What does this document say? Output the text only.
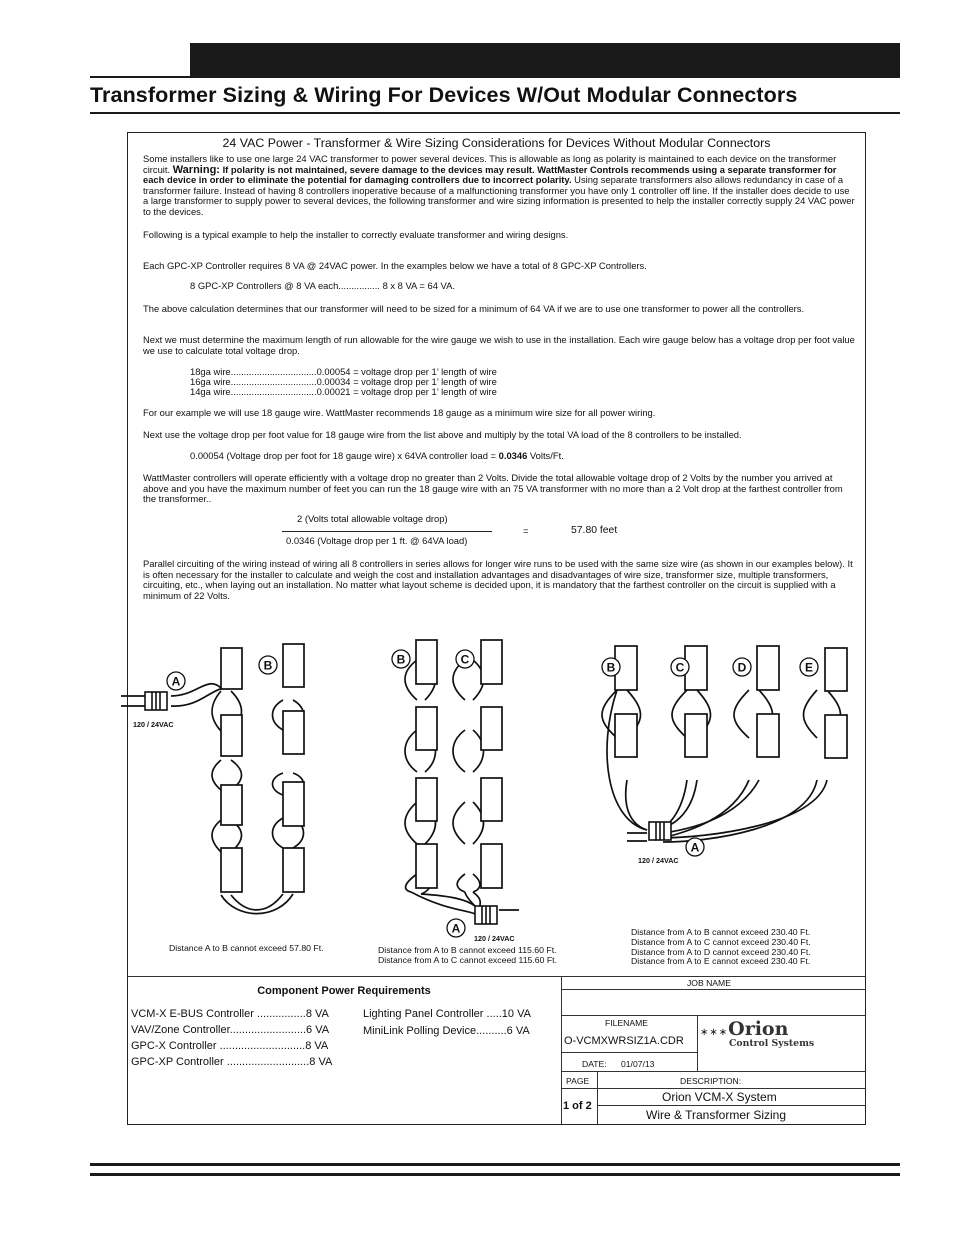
Transformer Sizing & Wiring For Devices W/Out Modular Connectors
24 VAC Power - Transformer & Wire Sizing Considerations for Devices Without Modular Connectors
Some installers like to use one large 24 VAC transformer to power several devices. This is allowable as long as polarity is maintained to each device on the transformer circuit. Warning: If polarity is not maintained, severe damage to the devices may result. WattMaster Controls recommends using a separate transformer for each device in order to eliminate the potential for damaging controllers due to incorrect polarity. Using separate transformers also allows redundancy in case of a transformer failure. Instead of having 8 controllers inoperative because of a malfunctioning transformer you have only 1 controller off line. If the installer does decide to use a large transformer to supply power to several devices, the following transformer and wire sizing information is presented to help the installer correctly supply 24 VAC power to the devices.
Following is a typical example to help the installer to correctly evaluate transformer and wiring designs.
Each GPC-XP Controller requires 8 VA @ 24VAC power. In the examples below we have a total of 8 GPC-XP Controllers.
8 GPC-XP Controllers @ 8 VA each................ 8 x 8 VA = 64 VA.
The above calculation determines that our transformer will need to be sized for a minimum of 64 VA if we are to use one transformer to power all the controllers.
Next we must determine the maximum length of run allowable for the wire gauge we wish to use in the installation. Each wire gauge below has a voltage drop per foot value we use to calculate total voltage drop.
18ga wire.................................0.00054 = voltage drop per 1’ length of wire
16ga wire.................................0.00034 = voltage drop per 1’ length of wire
14ga wire.................................0.00021 = voltage drop per 1’ length of wire
For our example we will use 18 gauge wire. WattMaster recommends 18 gauge as a minimum wire size for all power wiring.
Next use the voltage drop per foot value for 18 gauge wire from the list above and multiply by the total VA load of the 8 controllers to be installed.
0.00054 (Voltage drop per foot for 18 gauge wire) x 64VA controller load = 0.0346 Volts/Ft.
WattMaster controllers will operate efficiently with a voltage drop no greater than 2 Volts. Divide the total allowable voltage drop of 2 Volts by the number you arrived at above and you have the maximum number of feet you can run the 18 gauge wire with an 75 VA transformer with no more than a 2 Volt drop at the farthest controller from the transformer..
2 (Volts total allowable voltage drop)
0.0346 (Voltage drop per 1 ft. @ 64VA load)
=	57.80 feet
Parallel circuiting of the wiring instead of wiring all 8 controllers in series allows for longer wire runs to be used with the same size wire (as shown in our examples below). It is often necessary for the installer to calculate and weigh the cost and installation advantages and disadvantages of wire size, transformer size, multiple transformers, circuiting, etc., when laying out an installation. No matter what layout scheme is decided upon, it is mandatory that the farthest controller on the circuit is supplied with a minimum of 22 Volts.
A
B	B	C
A
B	C	D	E
A
120 / 24VAC
120 / 24VAC
120 / 24VAC
Distance A to B cannot exceed 57.80 Ft.	Distance from A to B cannot exceed 115.60 Ft.
Distance from A to C cannot exceed 115.60 Ft.
Distance from A to B cannot exceed 230.40 Ft.
Distance from A to C cannot exceed 230.40 Ft.
Distance from A to D cannot exceed 230.40 Ft.
Distance from A to E cannot exceed 230.40 Ft.
Component Power Requirements
VCM-X E-BUS Controller ................8 VA
VAV/Zone Controller.........................6 VA
GPC-X Controller ............................8 VA
GPC-XP Controller ...........................8 VA
Lighting Panel Controller .....10 VA
MiniLink Polling Device..........6 VA
JOB NAME
FILENAME
O-VCMXWRSIZ1A.CDR
DATE: 01/07/13
PAGE	DESCRIPTION:
1 of 2
Orion VCM-X System
Wire & Transformer Sizing
∗∗∗Orion
Control Systems
